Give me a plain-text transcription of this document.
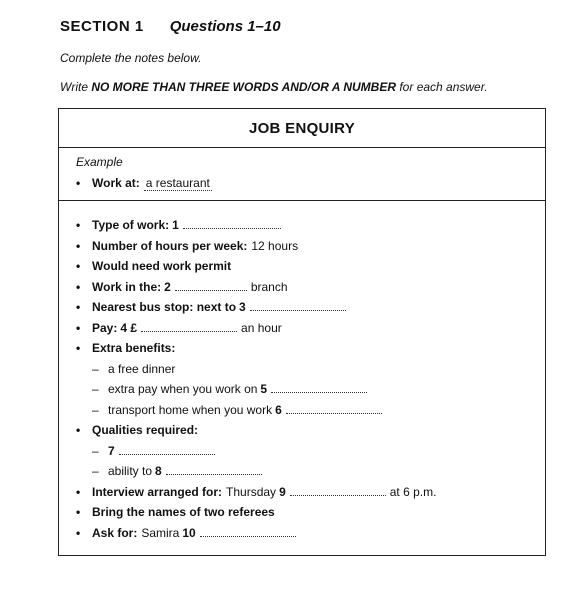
SECTION 1 Questions 1–10
Complete the notes below.
Write NO MORE THAN THREE WORDS AND/OR A NUMBER for each answer.
JOB ENQUIRY
Example
• Work at: a restaurant
• Type of work: 1
• Number of hours per week: 12 hours
• Would need work permit
• Work in the: 2	branch
• Nearest bus stop: next to 3
• Pay: 4 £	an hour
• Extra benefits:
– a free dinner
– extra pay when you work on 5
– transport home when you work 6
• Qualities required:
– 7
– ability to 8
• Interview arranged for: Thursday 9	at 6 p.m.
• Bring the names of two referees
• Ask for: Samira 10
